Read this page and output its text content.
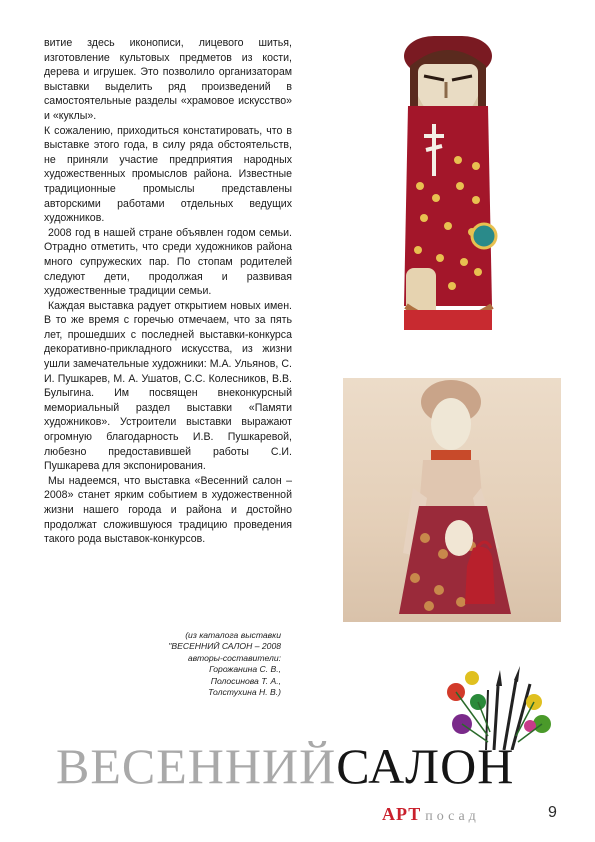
витие здесь иконописи, лицевого шитья, изготовление культовых предметов из кости, дерева и игрушек. Это позволило организаторам выставки выделить ряд произведений в самостоятельные разделы «храмовое искусство» и «куклы».

К сожалению, приходиться констатировать, что в выставке этого года, в силу ряда обстоятельств, не приняли участие предприятия народных художественных промыслов района. Известные традиционные промыслы представлены авторскими работами отдельных ведущих художников.

2008 год в нашей стране объявлен годом семьи. Отрадно отметить, что среди художников района много супружеских пар. По стопам родителей следуют дети, продолжая и развивая художественные традиции семьи.

Каждая выставка радует открытием новых имен. В то же время с горечью отмечаем, что за пять лет, прошедших с последней выставки-конкурса декоративно-прикладного искусства, из жизни ушли замечательные художники: М.А. Ульянов, С. И. Пушкарев, М. А. Ушатов, С.С. Колесников, В.В. Булыгина. Им посвящен внеконкурсный мемориальный раздел выставки «Памяти художников». Устроители выставки выражают огромную благодарность И.В. Пушкаревой, любезно предоставившей работы С.И. Пушкарева для экспонирования.

Мы надеемся, что выставка «Весенний салон – 2008» станет ярким событием в художественной жизни нашего города и района и достойно продолжат сложившуюся традицию проведения такого рода выставок-конкурсов.

(из каталога выставки
"ВЕСЕННИЙ САЛОН – 2008
авторы-составители:
Горожанина С. В.,
Полосинова Т. А.,
Толстухина Н. В.)
ВЕСЕННИЙСАЛОН
АРТ посад	9
